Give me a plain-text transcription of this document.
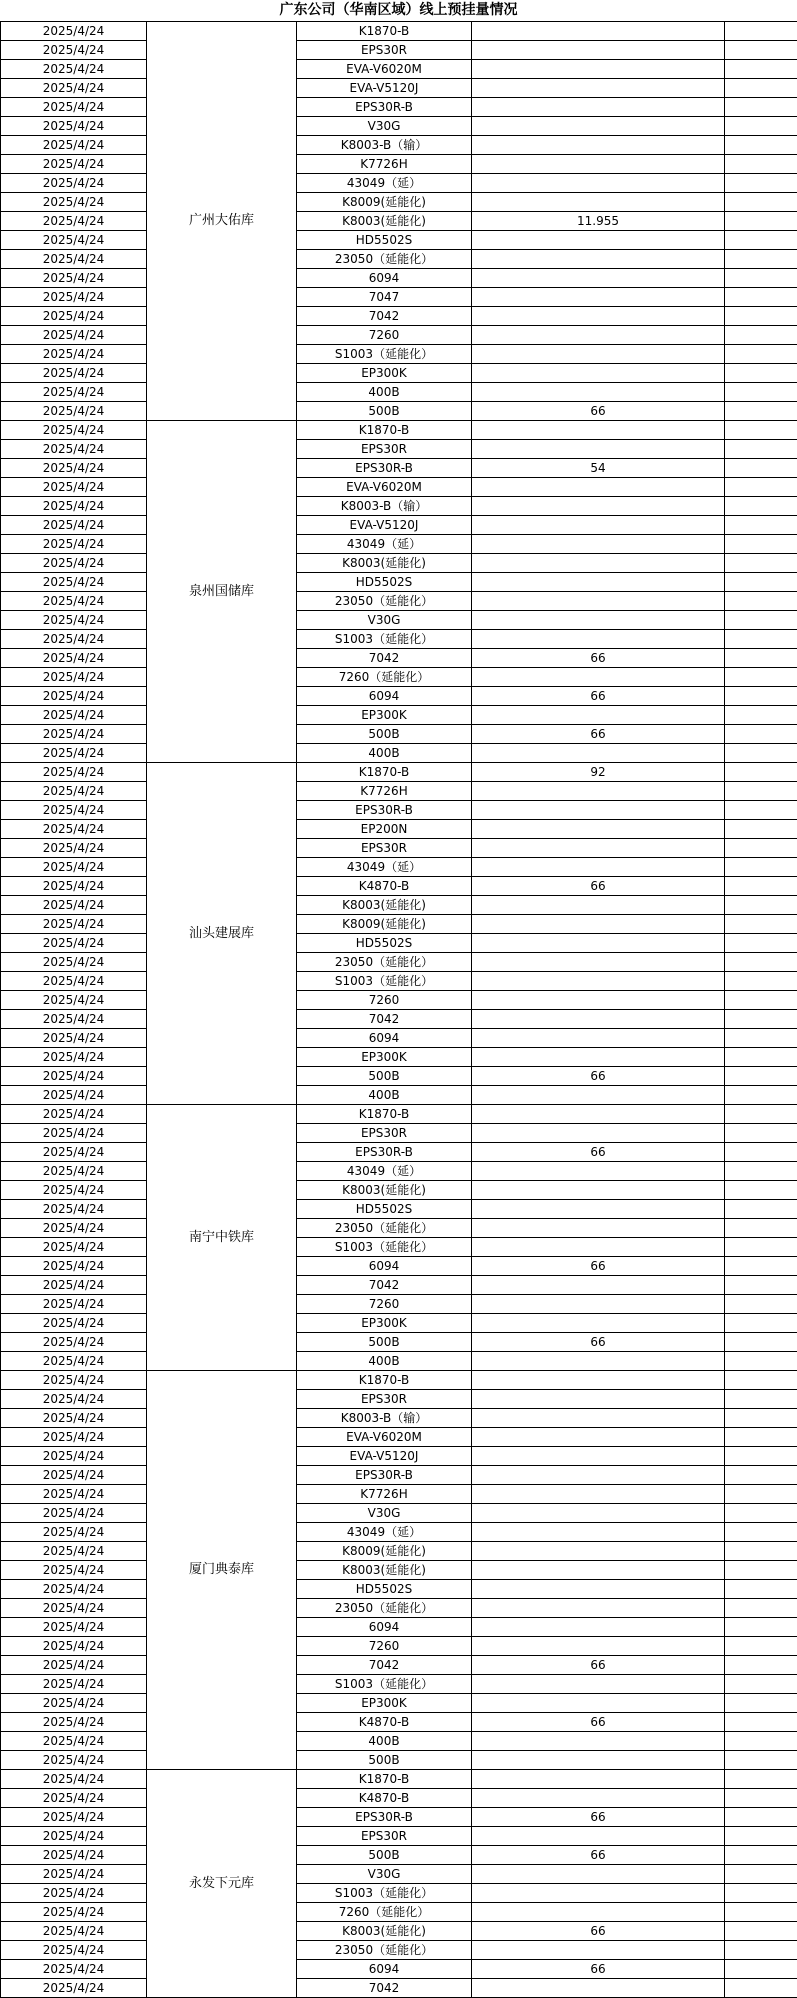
广东公司（华南区域）线上预挂量情况
2025/4/24	广州大佑库	K1870-B		
2025/4/24		EPS30R		
2025/4/24		EVA-V6020M		
2025/4/24		EVA-V5120J		
2025/4/24		EPS30R-B		
2025/4/24		V30G		
2025/4/24		K8003-B（输）		
2025/4/24		K7726H		
2025/4/24		43049（延）		
2025/4/24		K8009(延能化)		
2025/4/24		K8003(延能化)	11.955	
2025/4/24		HD5502S		
2025/4/24		23050（延能化）		
2025/4/24		6094		
2025/4/24		7047		
2025/4/24		7042		
2025/4/24		7260		
2025/4/24		S1003（延能化）		
2025/4/24		EP300K		
2025/4/24		400B		
2025/4/24		500B	66	
2025/4/24	泉州国储库	K1870-B		
2025/4/24		EPS30R		
2025/4/24		EPS30R-B	54	
2025/4/24		EVA-V6020M		
2025/4/24		K8003-B（输）		
2025/4/24		EVA-V5120J		
2025/4/24		43049（延）		
2025/4/24		K8003(延能化)		
2025/4/24		HD5502S		
2025/4/24		23050（延能化）		
2025/4/24		V30G		
2025/4/24		S1003（延能化）		
2025/4/24		7042	66	
2025/4/24		7260（延能化）		
2025/4/24		6094	66	
2025/4/24		EP300K		
2025/4/24		500B	66	
2025/4/24		400B		
2025/4/24	汕头建展库	K1870-B	92	
2025/4/24		K7726H		
2025/4/24		EPS30R-B		
2025/4/24		EP200N		
2025/4/24		EPS30R		
2025/4/24		43049（延）		
2025/4/24		K4870-B	66	
2025/4/24		K8003(延能化)		
2025/4/24		K8009(延能化)		
2025/4/24		HD5502S		
2025/4/24		23050（延能化）		
2025/4/24		S1003（延能化）		
2025/4/24		7260		
2025/4/24		7042		
2025/4/24		6094		
2025/4/24		EP300K		
2025/4/24		500B	66	
2025/4/24		400B		
2025/4/24	南宁中铁库	K1870-B		
2025/4/24		EPS30R		
2025/4/24		EPS30R-B	66	
2025/4/24		43049（延）		
2025/4/24		K8003(延能化)		
2025/4/24		HD5502S		
2025/4/24		23050（延能化）		
2025/4/24		S1003（延能化）		
2025/4/24		6094	66	
2025/4/24		7042		
2025/4/24		7260		
2025/4/24		EP300K		
2025/4/24		500B	66	
2025/4/24		400B		
2025/4/24	厦门典泰库	K1870-B		
2025/4/24		EPS30R		
2025/4/24		K8003-B（输）		
2025/4/24		EVA-V6020M		
2025/4/24		EVA-V5120J		
2025/4/24		EPS30R-B		
2025/4/24		K7726H		
2025/4/24		V30G		
2025/4/24		43049（延）		
2025/4/24		K8009(延能化)		
2025/4/24		K8003(延能化)		
2025/4/24		HD5502S		
2025/4/24		23050（延能化）		
2025/4/24		6094		
2025/4/24		7260		
2025/4/24		7042	66	
2025/4/24		S1003（延能化）		
2025/4/24		EP300K		
2025/4/24		K4870-B	66	
2025/4/24		400B		
2025/4/24		500B		
2025/4/24	永发下元库	K1870-B		
2025/4/24		K4870-B		
2025/4/24		EPS30R-B	66	
2025/4/24		EPS30R		
2025/4/24		500B	66	
2025/4/24		V30G		
2025/4/24		S1003（延能化）		
2025/4/24		7260（延能化）		
2025/4/24		K8003(延能化)	66	
2025/4/24		23050（延能化）		
2025/4/24		6094	66	
2025/4/24		7042		
